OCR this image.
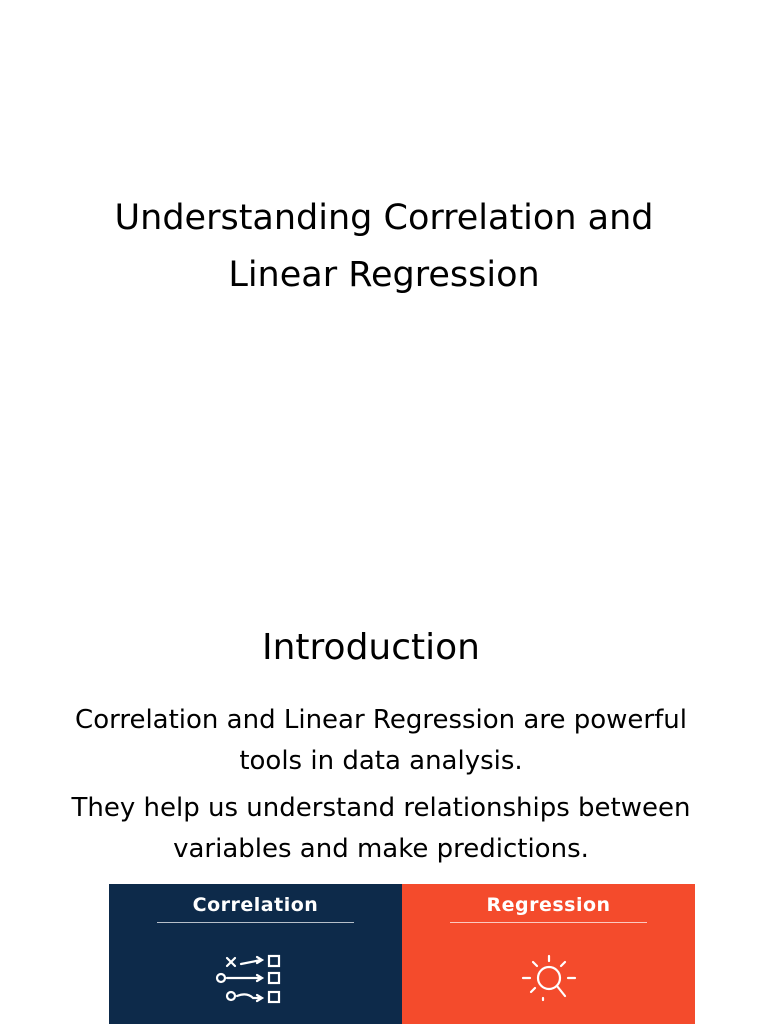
Understanding Correlation and
Linear Regression
Introduction

Correlation and Linear Regression are powerful tools in data analysis.

They help us understand relationships between variables and make predictions.

Correlation	Regression
